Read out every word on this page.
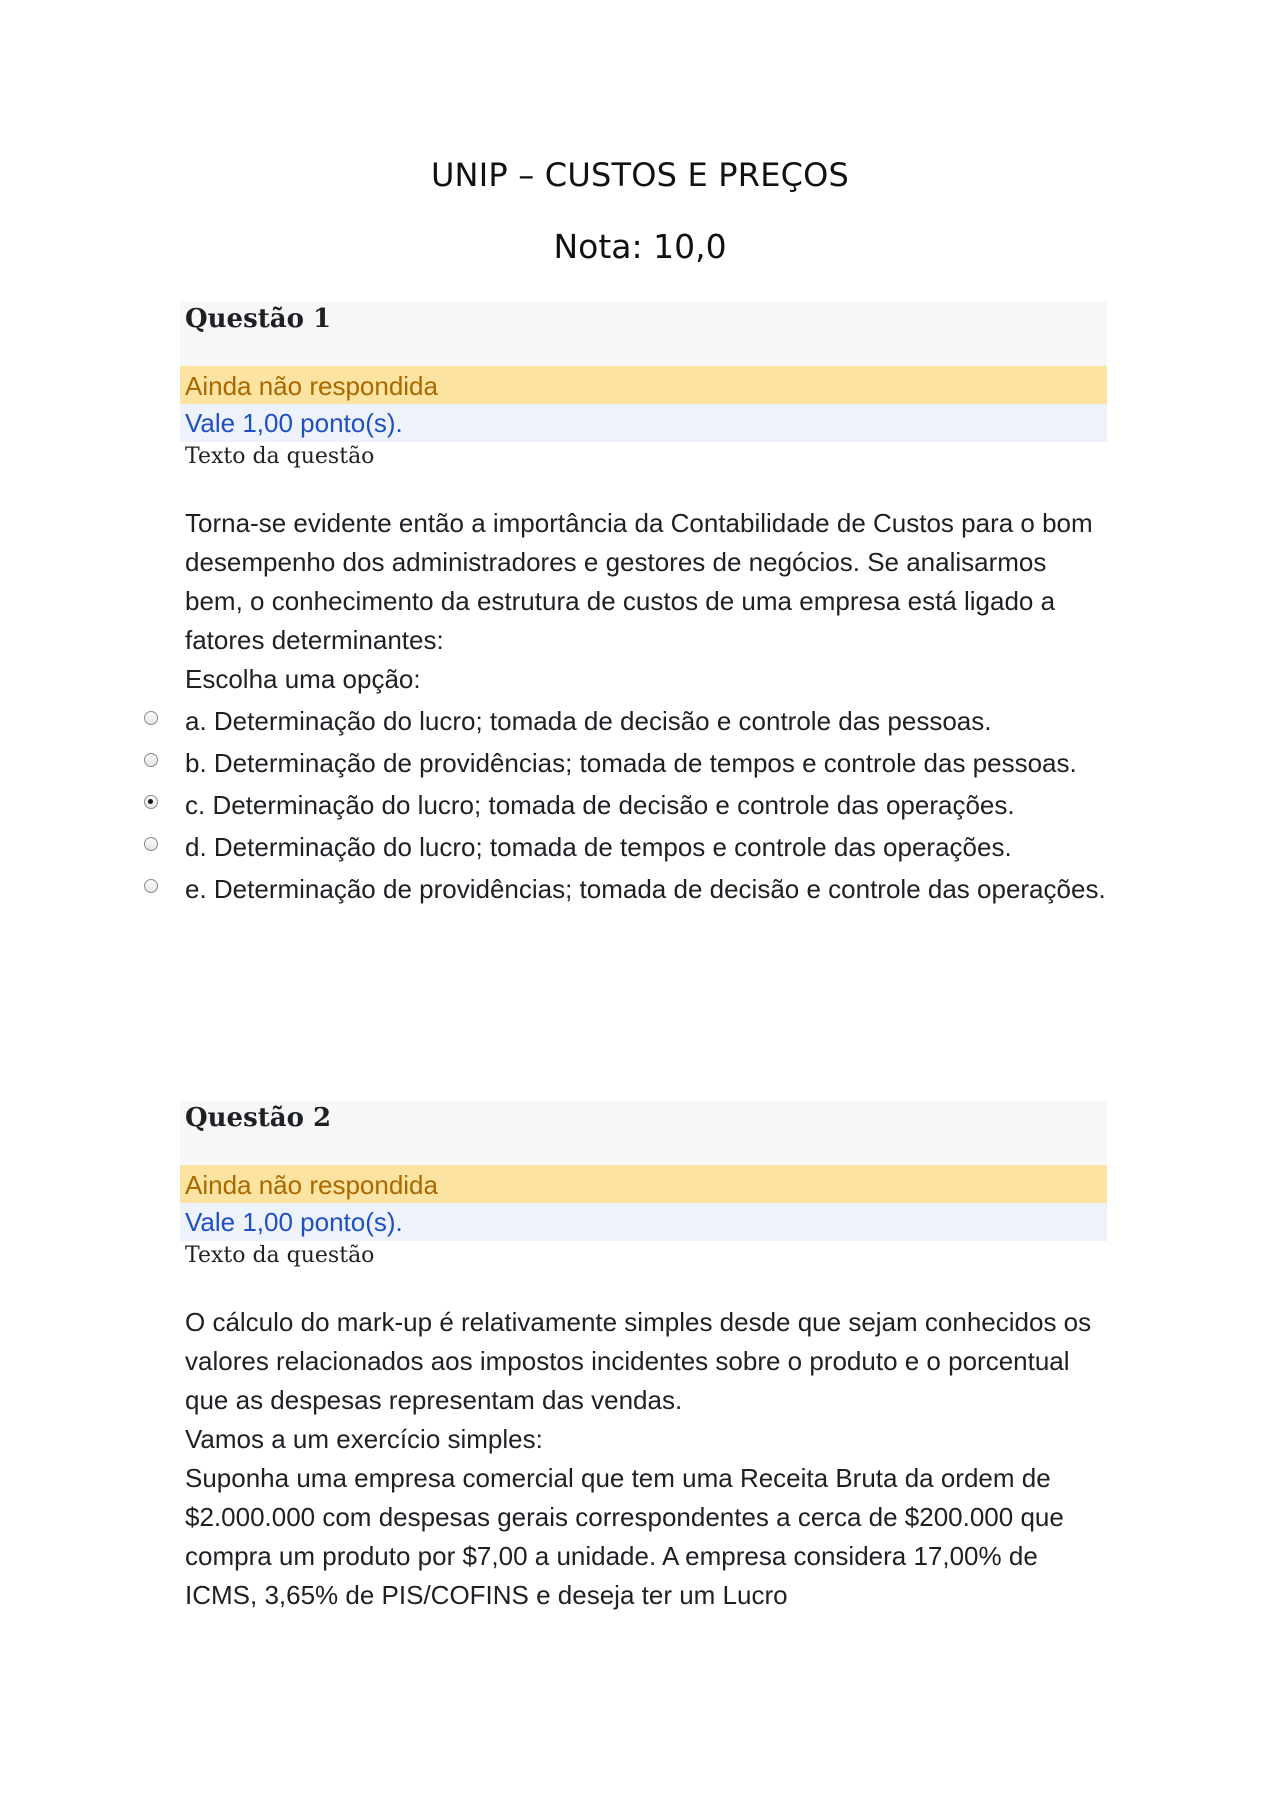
UNIP – CUSTOS E PREÇOS
Nota: 10,0
Questão 1
Ainda não respondida
Vale 1,00 ponto(s).
Texto da questão

Torna-se evidente então a importância da Contabilidade de Custos para o bom desempenho dos administradores e gestores de negócios. Se analisarmos bem, o conhecimento da estrutura de custos de uma empresa está ligado a fatores determinantes:

Escolha uma opção:
a. Determinação do lucro; tomada de decisão e controle das pessoas.
b. Determinação de providências; tomada de tempos e controle das pessoas.
c. Determinação do lucro; tomada de decisão e controle das operações.
d. Determinação do lucro; tomada de tempos e controle das operações.
e. Determinação de providências; tomada de decisão e controle das operações.
Questão 2
Ainda não respondida
Vale 1,00 ponto(s).
Texto da questão

O cálculo do mark-up é relativamente simples desde que sejam conhecidos os valores relacionados aos impostos incidentes sobre o produto e o porcentual que as despesas representam das vendas.

Vamos a um exercício simples:

Suponha uma empresa comercial que tem uma Receita Bruta da ordem de $2.000.000 com despesas gerais correspondentes a cerca de $200.000 que compra um produto por $7,00 a unidade. A empresa considera 17,00% de ICMS, 3,65% de PIS/COFINS e deseja ter um Lucro
